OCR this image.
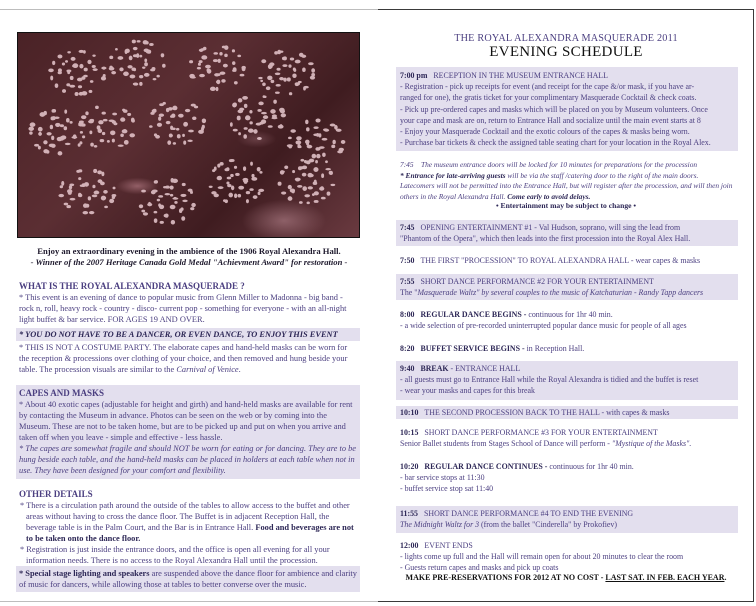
Enjoy an extraordinary evening in the ambience of the 1906 Royal Alexandra Hall.
- Winner of the 2007 Heritage Canada Gold Medal "Achievment Award" for restoration -
WHAT IS THE ROYAL ALEXANDRA MASQUERADE ?
* This event is an evening of dance to popular music from Glenn Miller to Madonna - big band - rock n, roll, heavy rock - country - disco- current pop - something for everyone - with an all-night light buffet & bar service. FOR AGES 19 AND OVER.
* YOU DO NOT HAVE TO BE A DANCER, OR EVEN DANCE, TO ENJOY THIS EVENT
* THIS IS NOT A COSTUME PARTY. The elaborate capes and hand-held masks can be worn for the reception & processions over clothing of your choice, and then removed and hung beside your table. The procession visuals are similar to the Carnival of Venice.
CAPES AND MASKS
* About 40 exotic capes (adjustable for height and girth) and hand-held masks are available for rent by contacting the Museum in advance. Photos can be seen on the web or by coming into the Museum. These are not to be taken home, but are to be picked up and put on when you arrive and taken off when you leave - simple and effective - less hassle.
* The capes are somewhat fragile and should NOT be worn for eating or for dancing. They are to be hung beside each table, and the hand-held masks can be placed in holders at each table when not in use. They have been designed for your comfort and flexibility.
OTHER DETAILS
* There is a circulation path around the outside of the tables to allow access to the buffet and other areas without having to cross the dance floor. The Buffet is in adjacent Reception Hall, the beverage table is in the Palm Court, and the Bar is in Entrance Hall. Food and beverages are not to be taken onto the dance floor.
* Registration is just inside the entrance doors, and the office is open all evening for all your information needs. There is no access to the Royal Alexandra Hall until the procession.
* Special stage lighting and speakers are suspended above the dance floor for ambience and clarity of music for dancers, while allowing those at tables to better converse over the music.
THE ROYAL ALEXANDRA MASQUERADE 2011
EVENING SCHEDULE
7:00 pm RECEPTION IN THE MUSEUM ENTRANCE HALL
- Registration - pick up receipts for event (and receipt for the cape &/or mask, if you have ar-
ranged for one), the gratis ticket for your complimentary Masquerade Cocktail & check coats.
- Pick up pre-ordered capes and masks which will be placed on you by Museum volunteers. Once
your cape and mask are on, return to Entrance Hall and socialize until the main event starts at 8
- Enjoy your Masquerade Cocktail and the exotic colours of the capes & masks being worn.
- Purchase bar tickets & check the assigned table seating chart for your location in the Royal Alex.
7:45 The museum entrance doors will be locked for 10 minutes for preparations for the procession
* Entrance for late-arriving guests will be via the staff /catering door to the right of the main doors. Latecomers will not be permitted into the Entrance Hall, but will register after the procession, and will then join others in the Royal Alexandra Hall. Come early to avoid delays.
• Entertainment may be subject to change •
7:45 OPENING ENTERTAINMENT #1 - Val Hudson, soprano, will sing the lead from
"Phantom of the Opera", which then leads into the first procession into the Royal Alex Hall.
7:50 THE FIRST "PROCESSION" TO ROYAL ALEXANDRA HALL - wear capes & masks
7:55 SHORT DANCE PERFORMANCE #2 FOR YOUR ENTERTAINMENT
The "Masquerade Waltz" by several couples to the music of Katchaturian - Randy Tapp dancers
8:00 REGULAR DANCE BEGINS - continuous for 1hr 40 min.
- a wide selection of pre-recorded uninterrupted popular dance music for people of all ages
8:20 BUFFET SERVICE BEGINS - in Reception Hall.
9:40 BREAK - ENTRANCE HALL
- all guests must go to Entrance Hall while the Royal Alexandra is tidied and the buffet is reset
- wear your masks and capes for this break
10:10 THE SECOND PROCESSION BACK TO THE HALL - with capes & masks
10:15 SHORT DANCE PERFORMANCE #3 FOR YOUR ENTERTAINMENT
Senior Ballet students from Stages School of Dance will perform - "Mystique of the Masks".
10:20 REGULAR DANCE CONTINUES - continuous for 1hr 40 min.
- bar service stops at 11:30
- buffet service stop sat 11:40
11:55 SHORT DANCE PERFORMANCE #4 TO END THE EVENING
The Midnight Waltz for 3 (from the ballet "Cinderella" by Prokofiev)
12:00 EVENT ENDS
- lights come up full and the Hall will remain open for about 20 minutes to clear the room
- Guests return capes and masks and pick up coats
MAKE PRE-RESERVATIONS FOR 2012 AT NO COST - LAST SAT. IN FEB. EACH YEAR.
